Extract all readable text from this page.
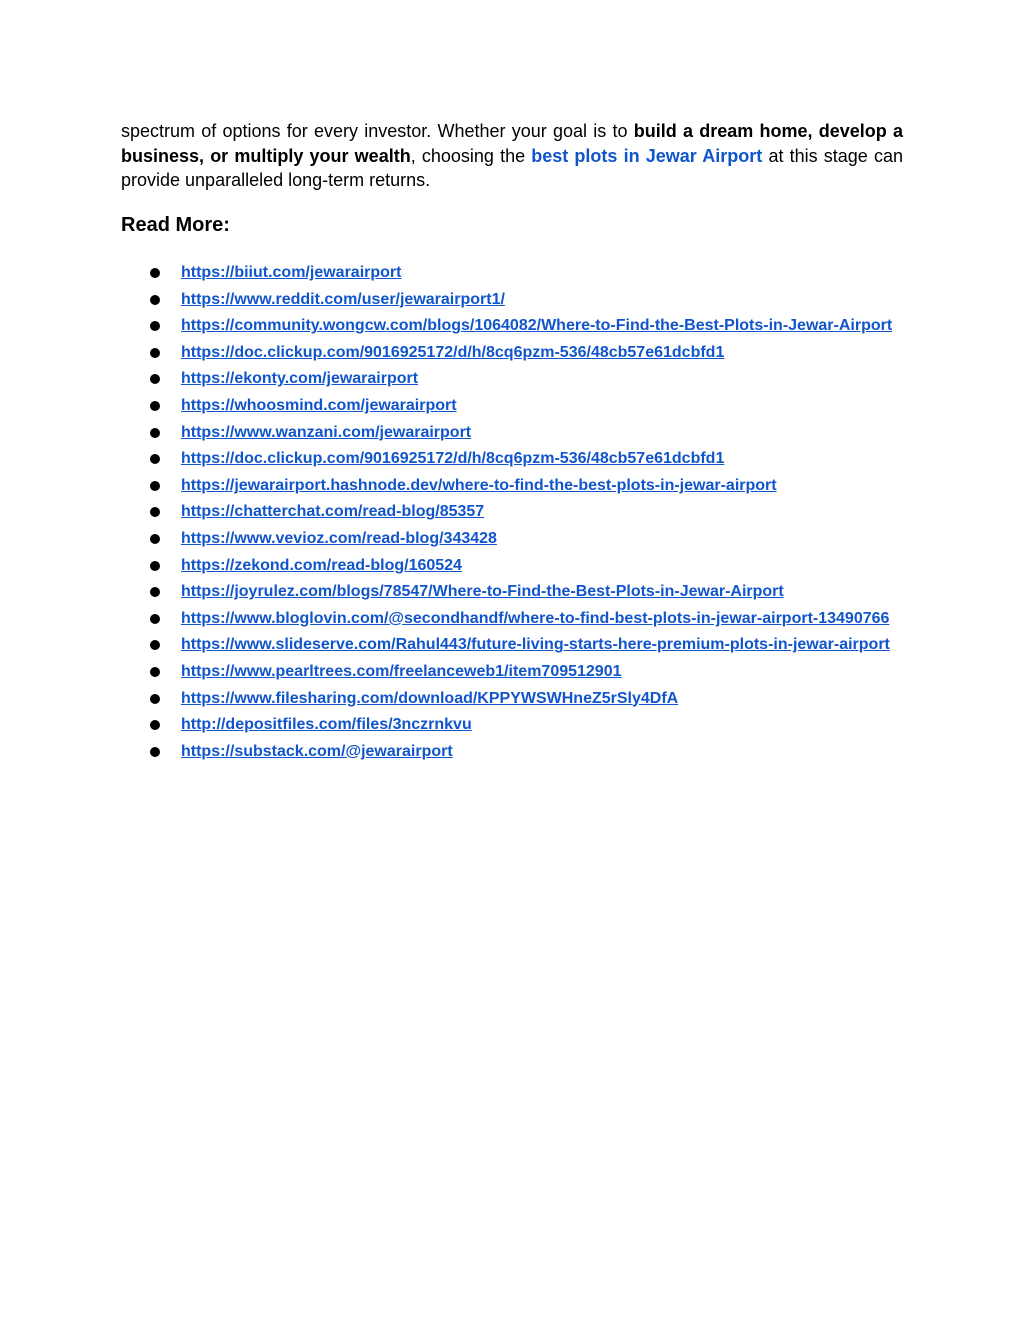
spectrum of options for every investor. Whether your goal is to build a dream home, develop a business, or multiply your wealth, choosing the best plots in Jewar Airport at this stage can provide unparalleled long-term returns.

Read More:
https://biiut.com/jewarairport
https://www.reddit.com/user/jewarairport1/
https://community.wongcw.com/blogs/1064082/Where-to-Find-the-Best-Plots-in-Jewar-Airport
https://doc.clickup.com/9016925172/d/h/8cq6pzm-536/48cb57e61dcbfd1
https://ekonty.com/jewarairport
https://whoosmind.com/jewarairport
https://www.wanzani.com/jewarairport
https://doc.clickup.com/9016925172/d/h/8cq6pzm-536/48cb57e61dcbfd1
https://jewarairport.hashnode.dev/where-to-find-the-best-plots-in-jewar-airport
https://chatterchat.com/read-blog/85357
https://www.vevioz.com/read-blog/343428
https://zekond.com/read-blog/160524
https://joyrulez.com/blogs/78547/Where-to-Find-the-Best-Plots-in-Jewar-Airport
https://www.bloglovin.com/@secondhandf/where-to-find-best-plots-in-jewar-airport-13490766
https://www.slideserve.com/Rahul443/future-living-starts-here-premium-plots-in-jewar-airport
https://www.pearltrees.com/freelanceweb1/item709512901
https://www.filesharing.com/download/KPPYWSWHneZ5rSly4DfA
http://depositfiles.com/files/3nczrnkvu
https://substack.com/@jewarairport
